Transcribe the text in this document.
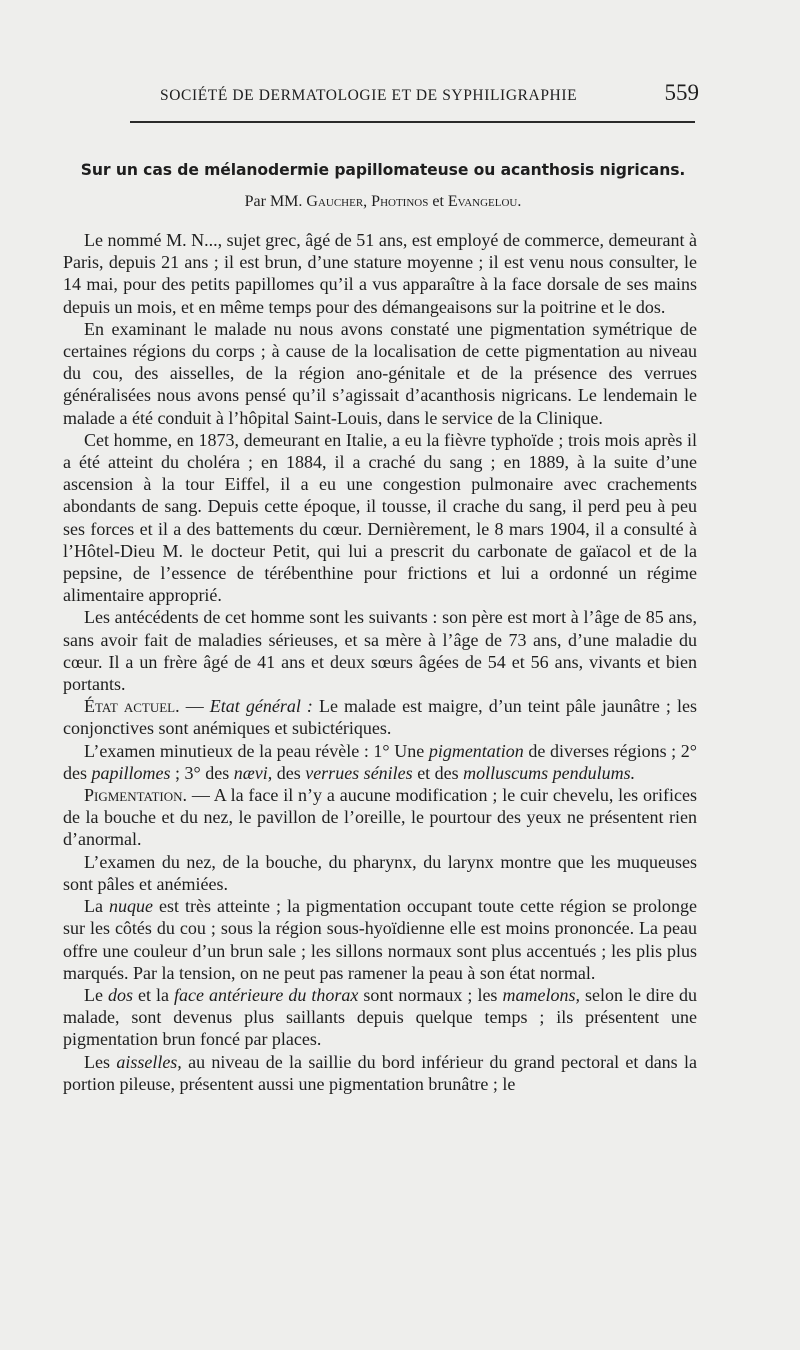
SOCIÉTÉ DE DERMATOLOGIE ET DE SYPHILIGRAPHIE	559
Sur un cas de mélanodermie papillomateuse ou acanthosis nigricans.
Par MM. Gaucher, Photinos et Evangelou.

Le nommé M. N..., sujet grec, âgé de 51 ans, est employé de commerce, demeurant à Paris, depuis 21 ans ; il est brun, d’une stature moyenne ; il est venu nous consulter, le 14 mai, pour des petits papillomes qu’il a vus apparaître à la face dorsale de ses mains depuis un mois, et en même temps pour des démangeaisons sur la poitrine et le dos.

En examinant le malade nu nous avons constaté une pigmentation symétrique de certaines régions du corps ; à cause de la localisation de cette pigmentation au niveau du cou, des aisselles, de la région ano-génitale et de la présence des verrues généralisées nous avons pensé qu’il s’agissait d’acanthosis nigricans. Le lendemain le malade a été conduit à l’hôpital Saint-Louis, dans le service de la Clinique.

Cet homme, en 1873, demeurant en Italie, a eu la fièvre typhoïde ; trois mois après il a été atteint du choléra ; en 1884, il a craché du sang ; en 1889, à la suite d’une ascension à la tour Eiffel, il a eu une congestion pulmonaire avec crachements abondants de sang. Depuis cette époque, il tousse, il crache du sang, il perd peu à peu ses forces et il a des battements du cœur. Dernièrement, le 8 mars 1904, il a consulté à l’Hôtel-Dieu M. le docteur Petit, qui lui a prescrit du carbonate de gaïacol et de la pepsine, de l’essence de térébenthine pour frictions et lui a ordonné un régime alimentaire approprié.

Les antécédents de cet homme sont les suivants : son père est mort à l’âge de 85 ans, sans avoir fait de maladies sérieuses, et sa mère à l’âge de 73 ans, d’une maladie du cœur. Il a un frère âgé de 41 ans et deux sœurs âgées de 54 et 56 ans, vivants et bien portants.

État actuel. — Etat général : Le malade est maigre, d’un teint pâle jaunâtre ; les conjonctives sont anémiques et subictériques.

L’examen minutieux de la peau révèle : 1° Une pigmentation de diverses régions ; 2° des papillomes ; 3° des nævi, des verrues séniles et des molluscums pendulums.

Pigmentation. — A la face il n’y a aucune modification ; le cuir chevelu, les orifices de la bouche et du nez, le pavillon de l’oreille, le pourtour des yeux ne présentent rien d’anormal.

L’examen du nez, de la bouche, du pharynx, du larynx montre que les muqueuses sont pâles et anémiées.

La nuque est très atteinte ; la pigmentation occupant toute cette région se prolonge sur les côtés du cou ; sous la région sous-hyoïdienne elle est moins prononcée. La peau offre une couleur d’un brun sale ; les sillons normaux sont plus accentués ; les plis plus marqués. Par la tension, on ne peut pas ramener la peau à son état normal.

Le dos et la face antérieure du thorax sont normaux ; les mamelons, selon le dire du malade, sont devenus plus saillants depuis quelque temps ; ils présentent une pigmentation brun foncé par places.

Les aisselles, au niveau de la saillie du bord inférieur du grand pectoral et dans la portion pileuse, présentent aussi une pigmentation brunâtre ; le
